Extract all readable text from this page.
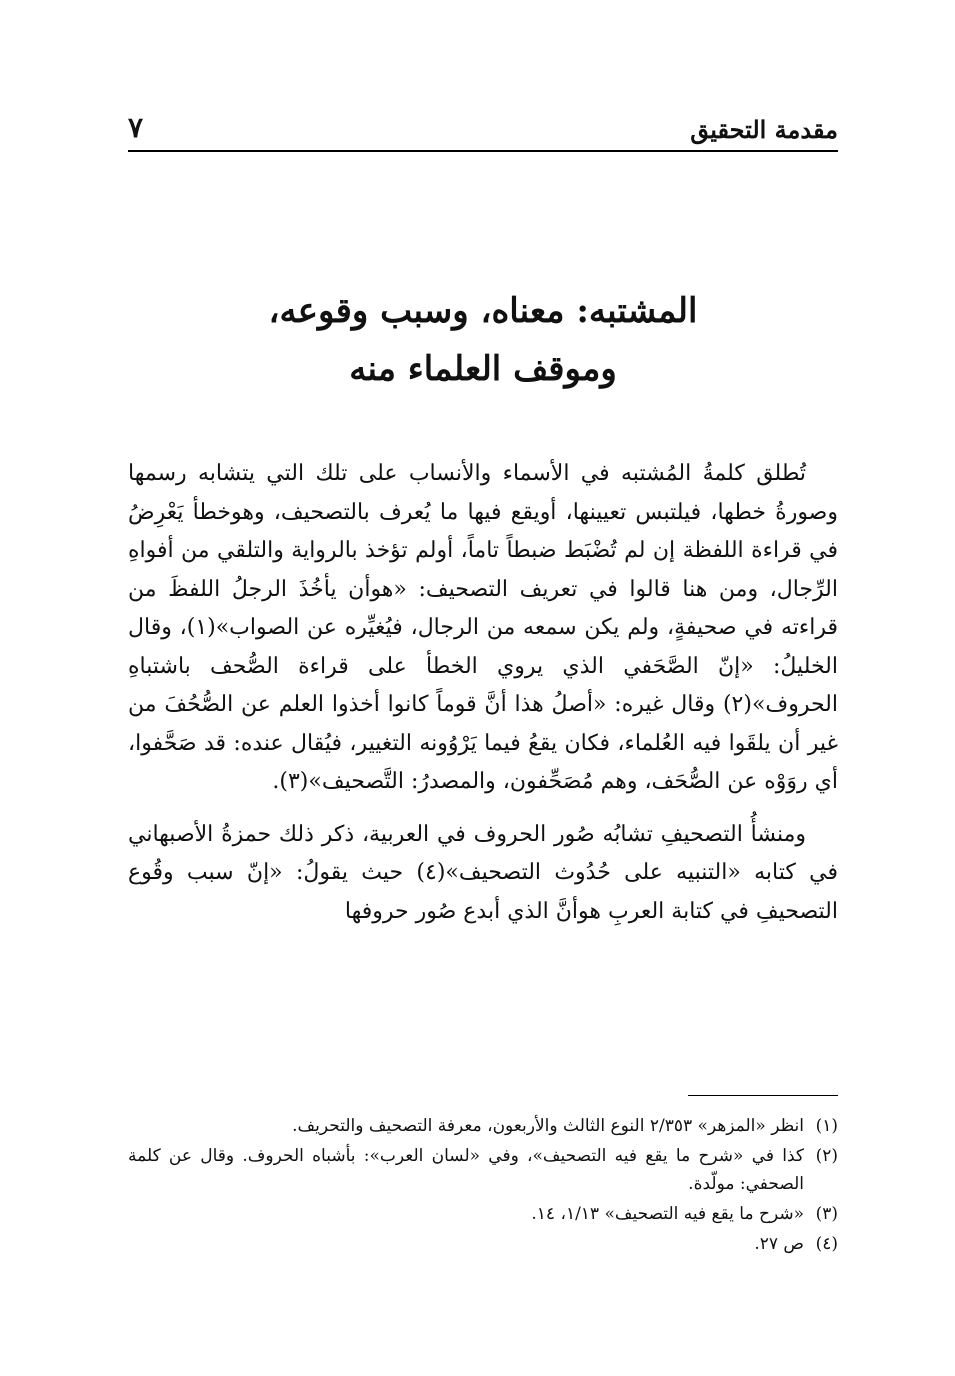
مقدمة التحقيق
٧
المشتبه: معناه، وسبب وقوعه،
وموقف العلماء منه

تُطلق كلمةُ المُشتبه في الأسماء والأنساب على تلك التي يتشابه رسمها وصورةُ خطها، فيلتبس تعيينها، أويقع فيها ما يُعرف بالتصحيف، وهوخطأ يَعْرِضُ في قراءة اللفظة إن لم تُضْبَط ضبطاً تاماً، أولم تؤخذ بالرواية والتلقي من أفواهِ الرِّجال، ومن هنا قالوا في تعريف التصحيف: «هوأن يأخُذَ الرجلُ اللفظَ من قراءته في صحيفةٍ، ولم يكن سمعه من الرجال، فيُغيِّره عن الصواب»(١)، وقال الخليلُ: «إنّ الصَّحَفي الذي يروي الخطأ على قراءة الصُّحف باشتباهِ الحروف»(٢) وقال غيره: «أصلُ هذا أنَّ قوماً كانوا أخذوا العلم عن الصُّحُفَ من غير أن يلقَوا فيه العُلماء، فكان يقعُ فيما يَرْوُونه التغيير، فيُقال عنده: قد صَحَّفوا، أي روَوْه عن الصُّحَف، وهم مُصَحِّفون، والمصدرُ: التَّصحيف»(٣).

ومنشأُ التصحيفِ تشابُه صُور الحروف في العربية، ذكر ذلك حمزةُ الأصبهاني في كتابه «التنبيه على حُدُوث التصحيف»(٤) حيث يقولُ: «إنّ سبب وقُوع التصحيفِ في كتابة العربِ هوأنَّ الذي أبدع صُور حروفها

(١)
انظر «المزهر» ٢/٣٥٣ النوع الثالث والأربعون، معرفة التصحيف والتحريف.
(٢)
كذا في «شرح ما يقع فيه التصحيف»، وفي «لسان العرب»: بأشباه الحروف. وقال عن كلمة الصحفي: مولّدة.
(٣)
«شرح ما يقع فيه التصحيف» ١/١٣، ١٤.
(٤)
ص ٢٧.
